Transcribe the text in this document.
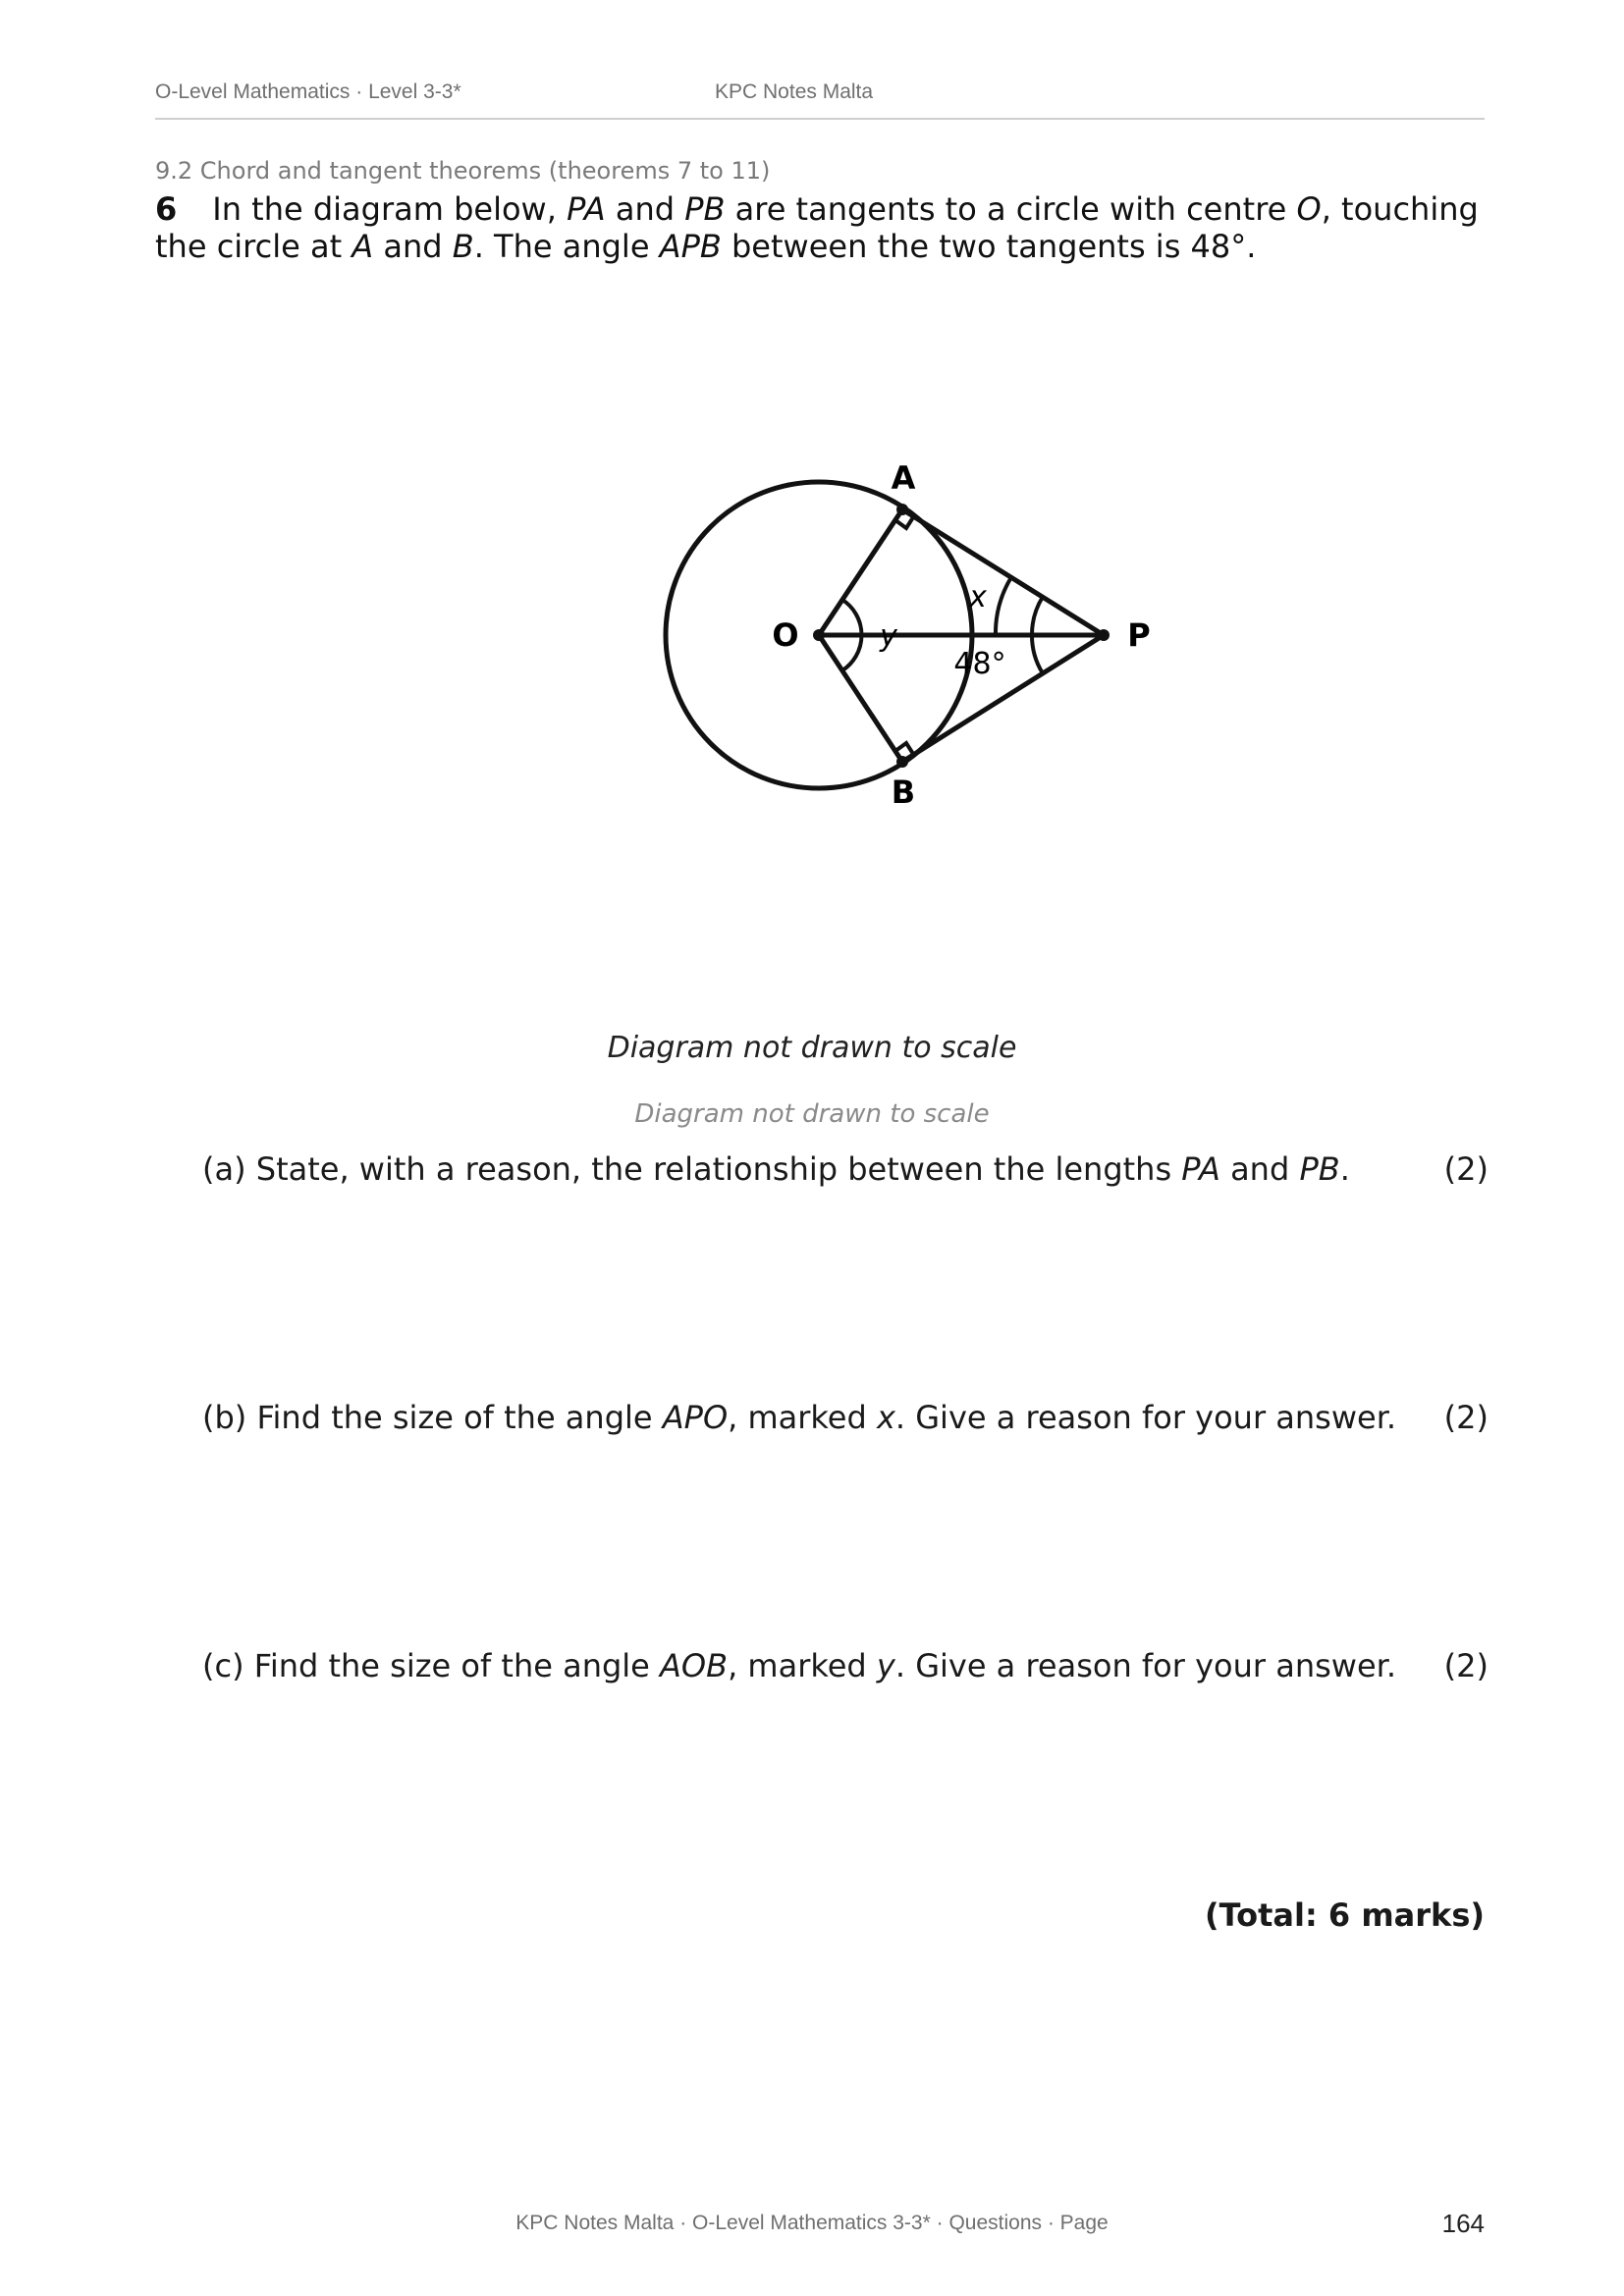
O-Level Mathematics · Level 3-3*	KPC Notes Malta
9.2 Chord and tangent theorems (theorems 7 to 11)
6 In the diagram below, PA and PB are tangents to a circle with centre O, touching the circle at A and B. The angle APB between the two tangents is 48°.
A
B
O	P
x
y
48°
Diagram not drawn to scale
Diagram not drawn to scale
(a) State, with a reason, the relationship between the lengths PA and PB.	(2)
(b) Find the size of the angle APO, marked x. Give a reason for your answer. (2)
(c) Find the size of the angle AOB, marked y. Give a reason for your answer. (2)
(Total: 6 marks)
KPC Notes Malta · O-Level Mathematics 3-3* · Questions · Page	164
